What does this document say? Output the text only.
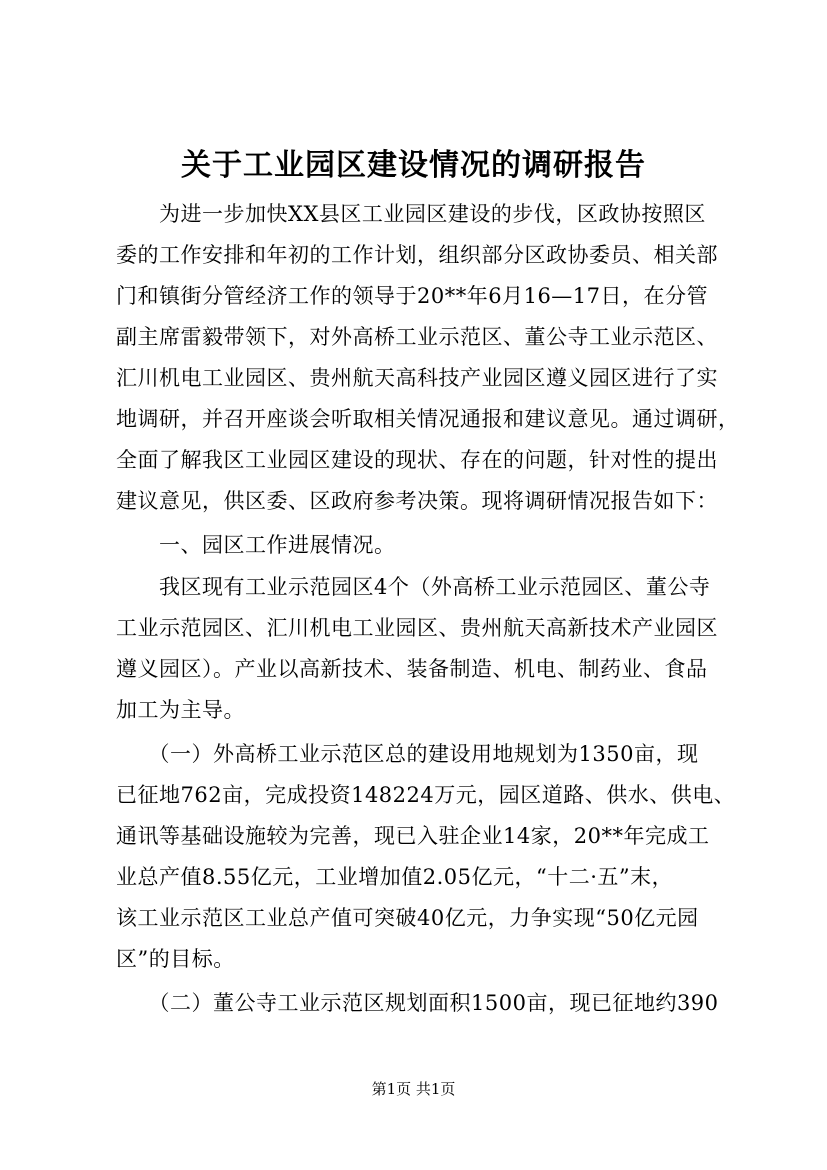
关于工业园区建设情况的调研报告
　　为进一步加快XX县区工业园区建设的步伐，区政协按照区
委的工作安排和年初的工作计划，组织部分区政协委员、相关部
门和镇街分管经济工作的领导于20**年6月16—17日，在分管
副主席雷毅带领下，对外高桥工业示范区、董公寺工业示范区、
汇川机电工业园区、贵州航天高科技产业园区遵义园区进行了实
地调研，并召开座谈会听取相关情况通报和建议意见。通过调研，
全面了解我区工业园区建设的现状、存在的问题，针对性的提出
建议意见，供区委、区政府参考决策。现将调研情况报告如下：
　　一、园区工作进展情况。
　　我区现有工业示范园区4个（外高桥工业示范园区、董公寺
工业示范园区、汇川机电工业园区、贵州航天高新技术产业园区
遵义园区）。产业以高新技术、装备制造、机电、制药业、食品
加工为主导。
　　（一）外高桥工业示范区总的建设用地规划为1350亩，现
已征地762亩，完成投资148224万元，园区道路、供水、供电、
通讯等基础设施较为完善，现已入驻企业14家，20**年完成工
业总产值8.55亿元，工业增加值2.05亿元，“十二·五”末，
该工业示范区工业总产值可突破40亿元，力争实现“50亿元园
区”的目标。
　　（二）董公寺工业示范区规划面积1500亩，现已征地约390
第1页 共1页
